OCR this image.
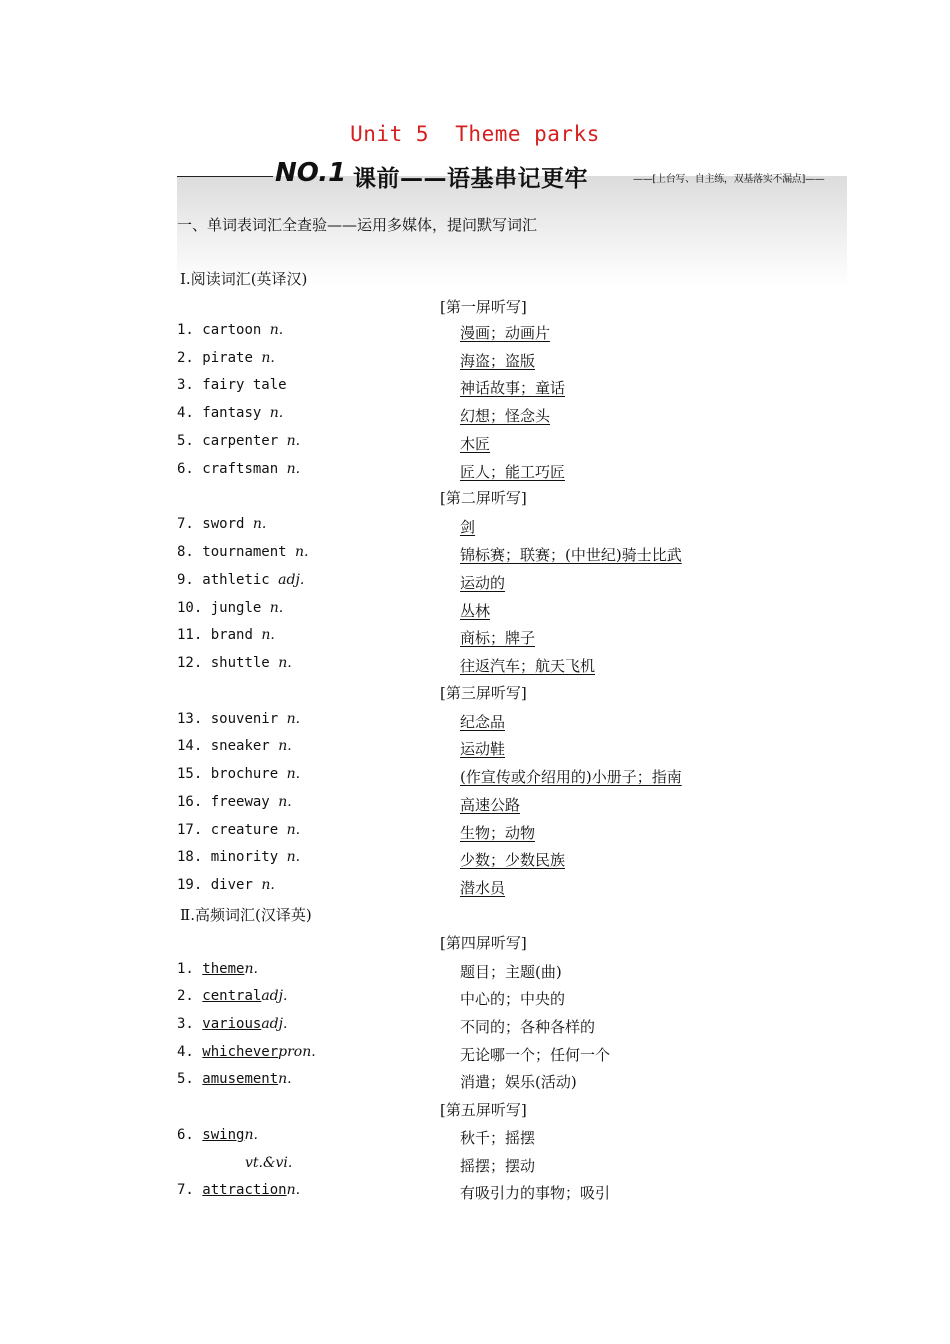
Unit 5  Theme parks
NO.1 课前——语基串记更牢	——[上台写、自主练，双基落实不漏点]——
一、单词表词汇全查验——运用多媒体，提问默写词汇
Ⅰ.阅读词汇(英译汉)
[第一屏听写]
[第二屏听写]
[第三屏听写]
1. cartoon n.	漫画；动画片
2. pirate n.	海盗；盗版
3. fairy tale	神话故事；童话
4. fantasy n.	幻想；怪念头
5. carpenter n.	木匠
6. craftsman n.	匠人；能工巧匠
7. sword n.	剑
8. tournament n.	锦标赛；联赛；(中世纪)骑士比武
9. athletic adj.	运动的
10. jungle n.	丛林
11. brand n.	商标；牌子
12. shuttle n.	往返汽车；航天飞机
13. souvenir n.	纪念品
14. sneaker n.	运动鞋
15. brochure n.	(作宣传或介绍用的)小册子；指南
16. freeway n.	高速公路
17. creature n.	生物；动物
18. minority n.	少数；少数民族
19. diver n.	潜水员
Ⅱ.高频词汇(汉译英)
[第四屏听写]
[第五屏听写]
1. themen.	题目；主题(曲)
2. centraladj.	中心的；中央的
3. variousadj.	不同的；各种各样的
4. whicheverpron.	无论哪一个；任何一个
5. amusementn.	消遣；娱乐(活动)
6. swingn.	秋千；摇摆
vt.&vi.	摇摆；摆动
7. attractionn.	有吸引力的事物；吸引
